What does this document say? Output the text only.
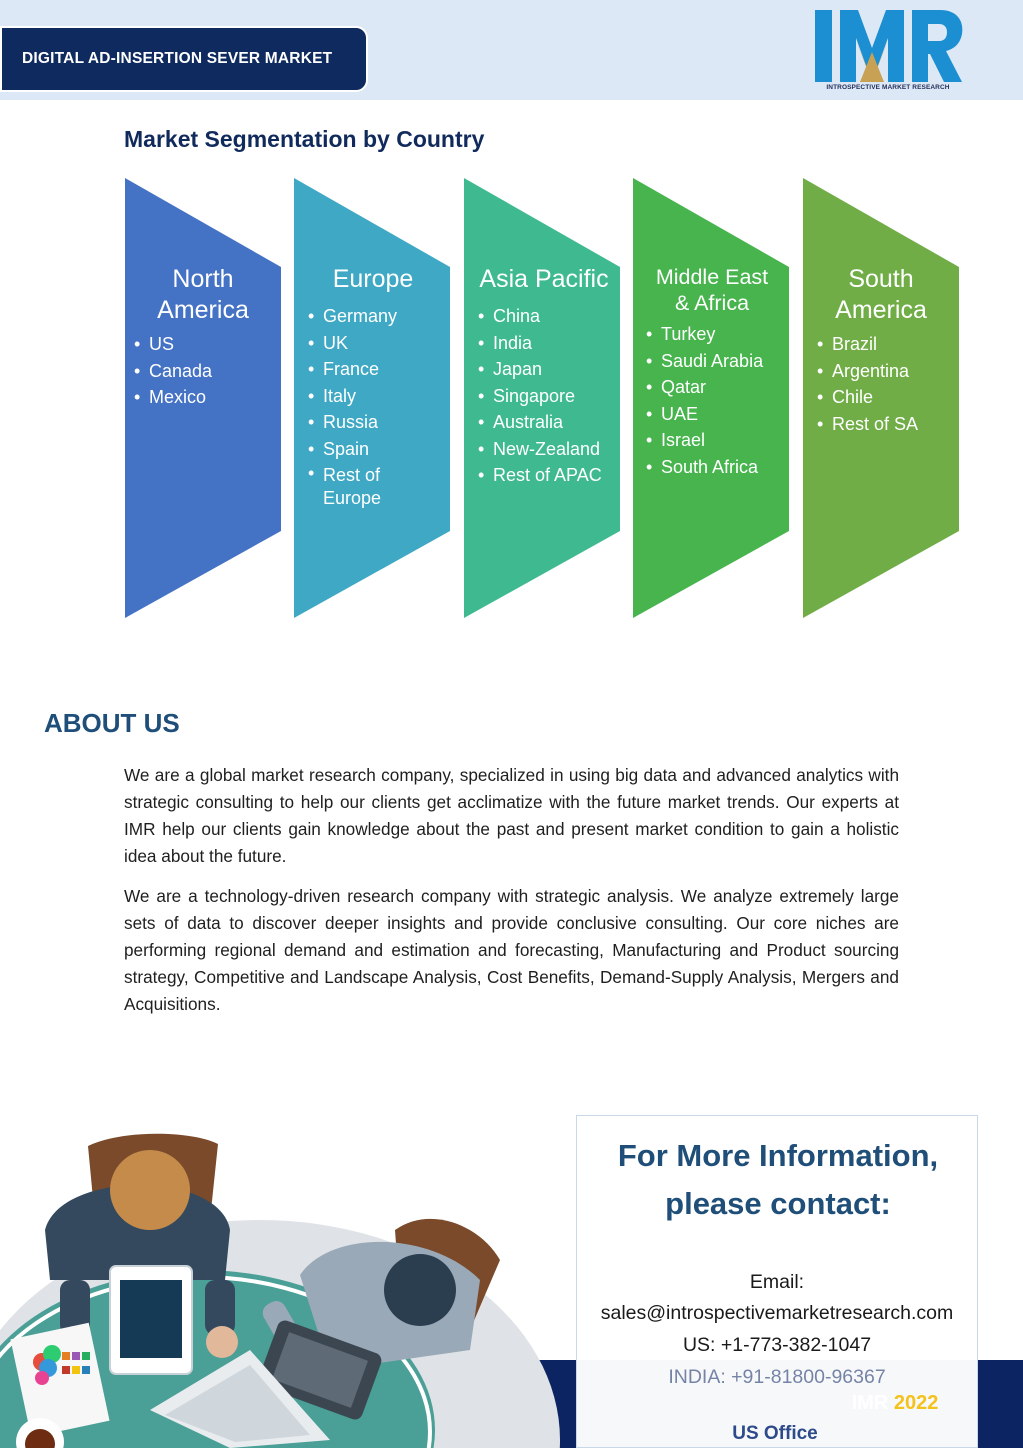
DIGITAL AD-INSERTION SEVER MARKET
INTROSPECTIVE MARKET RESEARCH
Market Segmentation by Country
North America
• US
• Canada
• Mexico
Europe
• Germany
• UK
• France
• Italy
• Russia
• Spain
• Rest of Europe
Asia Pacific
• China
• India
• Japan
• Singapore
• Australia
• New-Zealand
• Rest of APAC
Middle East & Africa
• Turkey
• Saudi Arabia
• Qatar
• UAE
• Israel
• South Africa
South America
• Brazil
• Argentina
• Chile
• Rest of SA
ABOUT US

We are a global market research company, specialized in using big data and advanced analytics with strategic consulting to help our clients get acclimatize with the future market trends. Our experts at IMR help our clients gain knowledge about the past and present market condition to gain a holistic idea about the future.

We are a technology-driven research company with strategic analysis. We analyze extremely large sets of data to discover deeper insights and provide conclusive consulting. Our core niches are performing regional demand and estimation and forecasting, Manufacturing and Product sourcing strategy, Competitive and Landscape Analysis, Cost Benefits, Demand-Supply Analysis, Mergers and Acquisitions.

For More Information,
please contact:
Email:
sales@introspectivemarketresearch.com
US: +1-773-382-1047
INDIA: +91-81800-96367
IMR 2022
US Office
